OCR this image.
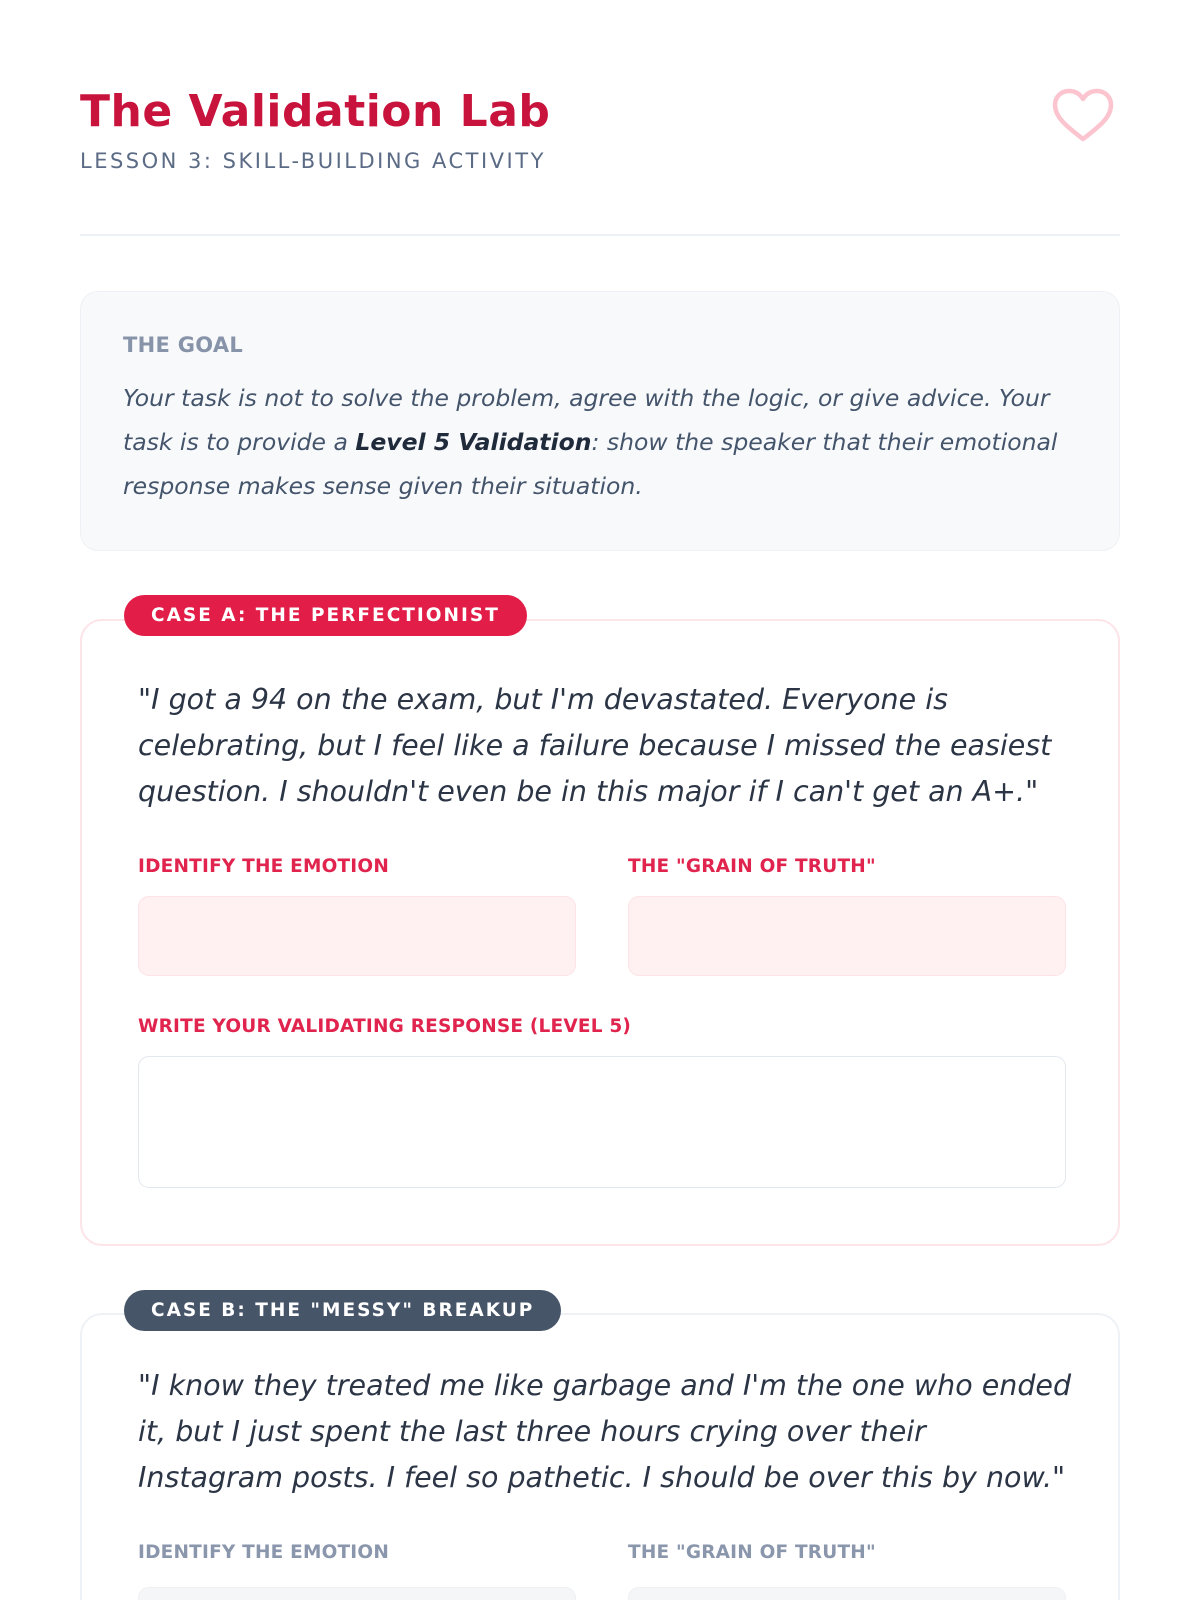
The Validation Lab
LESSON 3: SKILL-BUILDING ACTIVITY
THE GOAL
Your task is not to solve the problem, agree with the logic, or give advice. Your task is to provide a Level 5 Validation: show the speaker that their emotional response makes sense given their situation.
"I got a 94 on the exam, but I'm devastated. Everyone is celebrating, but I feel like a failure because I missed the easiest question. I shouldn't even be in this major if I can't get an A+."
IDENTIFY THE EMOTION	THE "GRAIN OF TRUTH"
WRITE YOUR VALIDATING RESPONSE (LEVEL 5)
CASE A: THE PERFECTIONIST
"I know they treated me like garbage and I'm the one who ended it, but I just spent the last three hours crying over their Instagram posts. I feel so pathetic. I should be over this by now."
IDENTIFY THE EMOTION	THE "GRAIN OF TRUTH"
CASE B: THE "MESSY" BREAKUP
